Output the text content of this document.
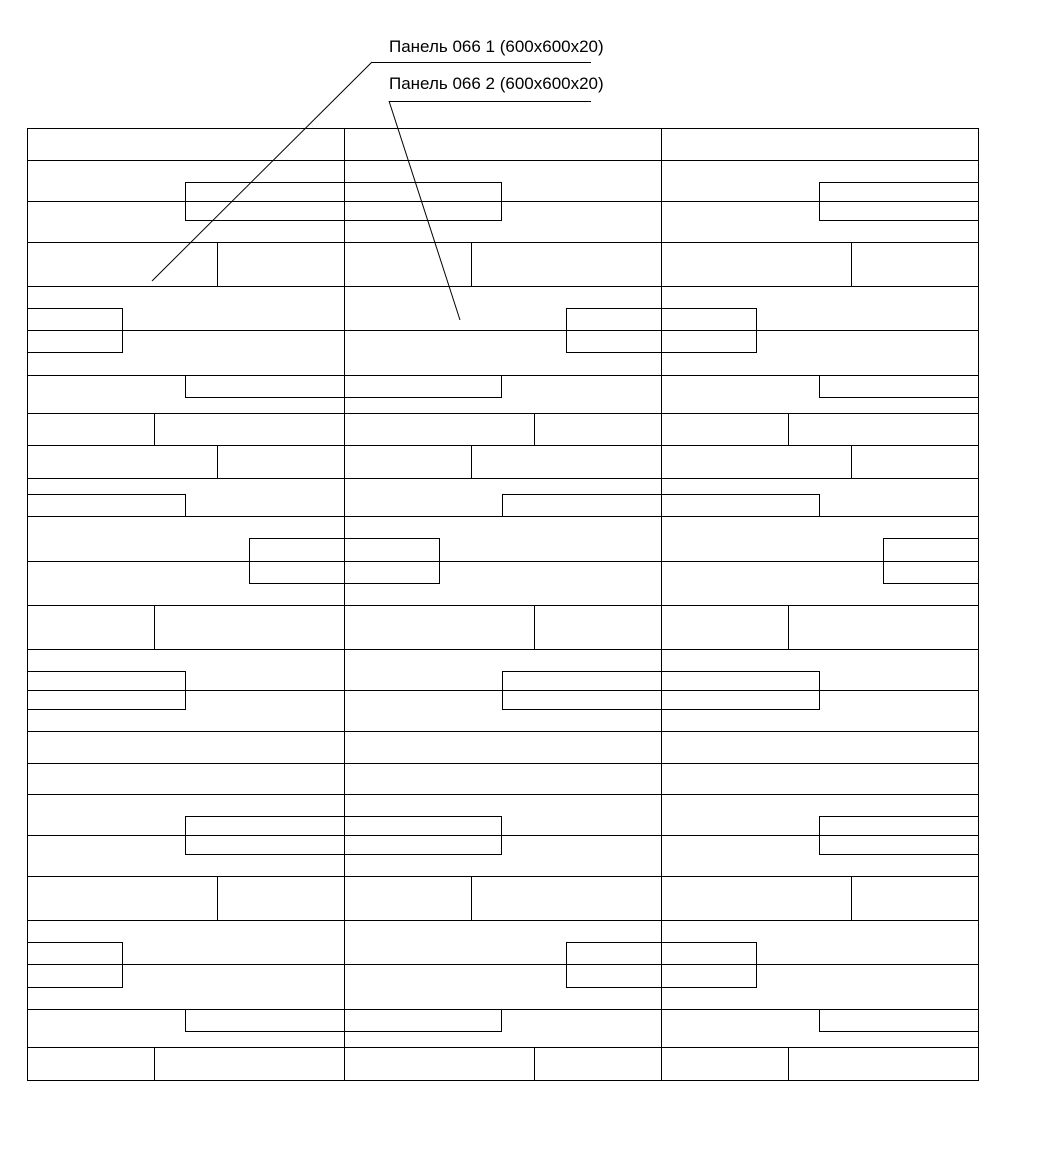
Панель 066 1 (600x600x20)
Панель 066 2 (600x600x20)
